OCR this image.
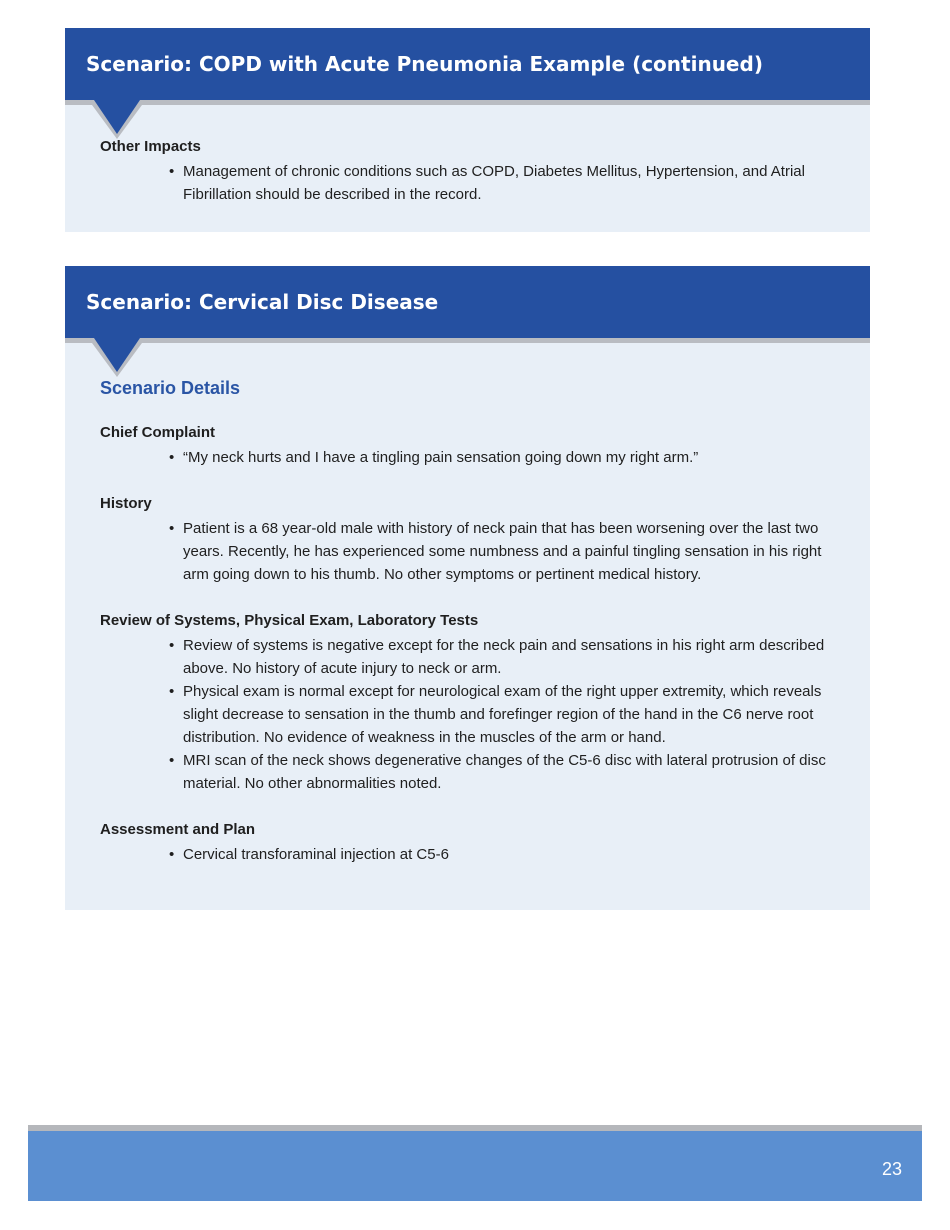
Scenario: COPD with Acute Pneumonia Example (continued)
Other Impacts
• Management of chronic conditions such as COPD, Diabetes Mellitus, Hypertension, and Atrial Fibrillation should be described in the record.
Scenario: Cervical Disc Disease
Scenario Details
Chief Complaint
• “My neck hurts and I have a tingling pain sensation going down my right arm.”
History
• Patient is a 68 year-old male with history of neck pain that has been worsening over the last two years. Recently, he has experienced some numbness and a painful tingling sensation in his right arm going down to his thumb. No other symptoms or pertinent medical history.
Review of Systems, Physical Exam, Laboratory Tests
• Review of systems is negative except for the neck pain and sensations in his right arm described above. No history of acute injury to neck or arm.
• Physical exam is normal except for neurological exam of the right upper extremity, which reveals slight decrease to sensation in the thumb and forefinger region of the hand in the C6 nerve root distribution. No evidence of weakness in the muscles of the arm or hand.
• MRI scan of the neck shows degenerative changes of the C5-6 disc with lateral protrusion of disc material. No other abnormalities noted.
Assessment and Plan
• Cervical transforaminal injection at C5-6
23
